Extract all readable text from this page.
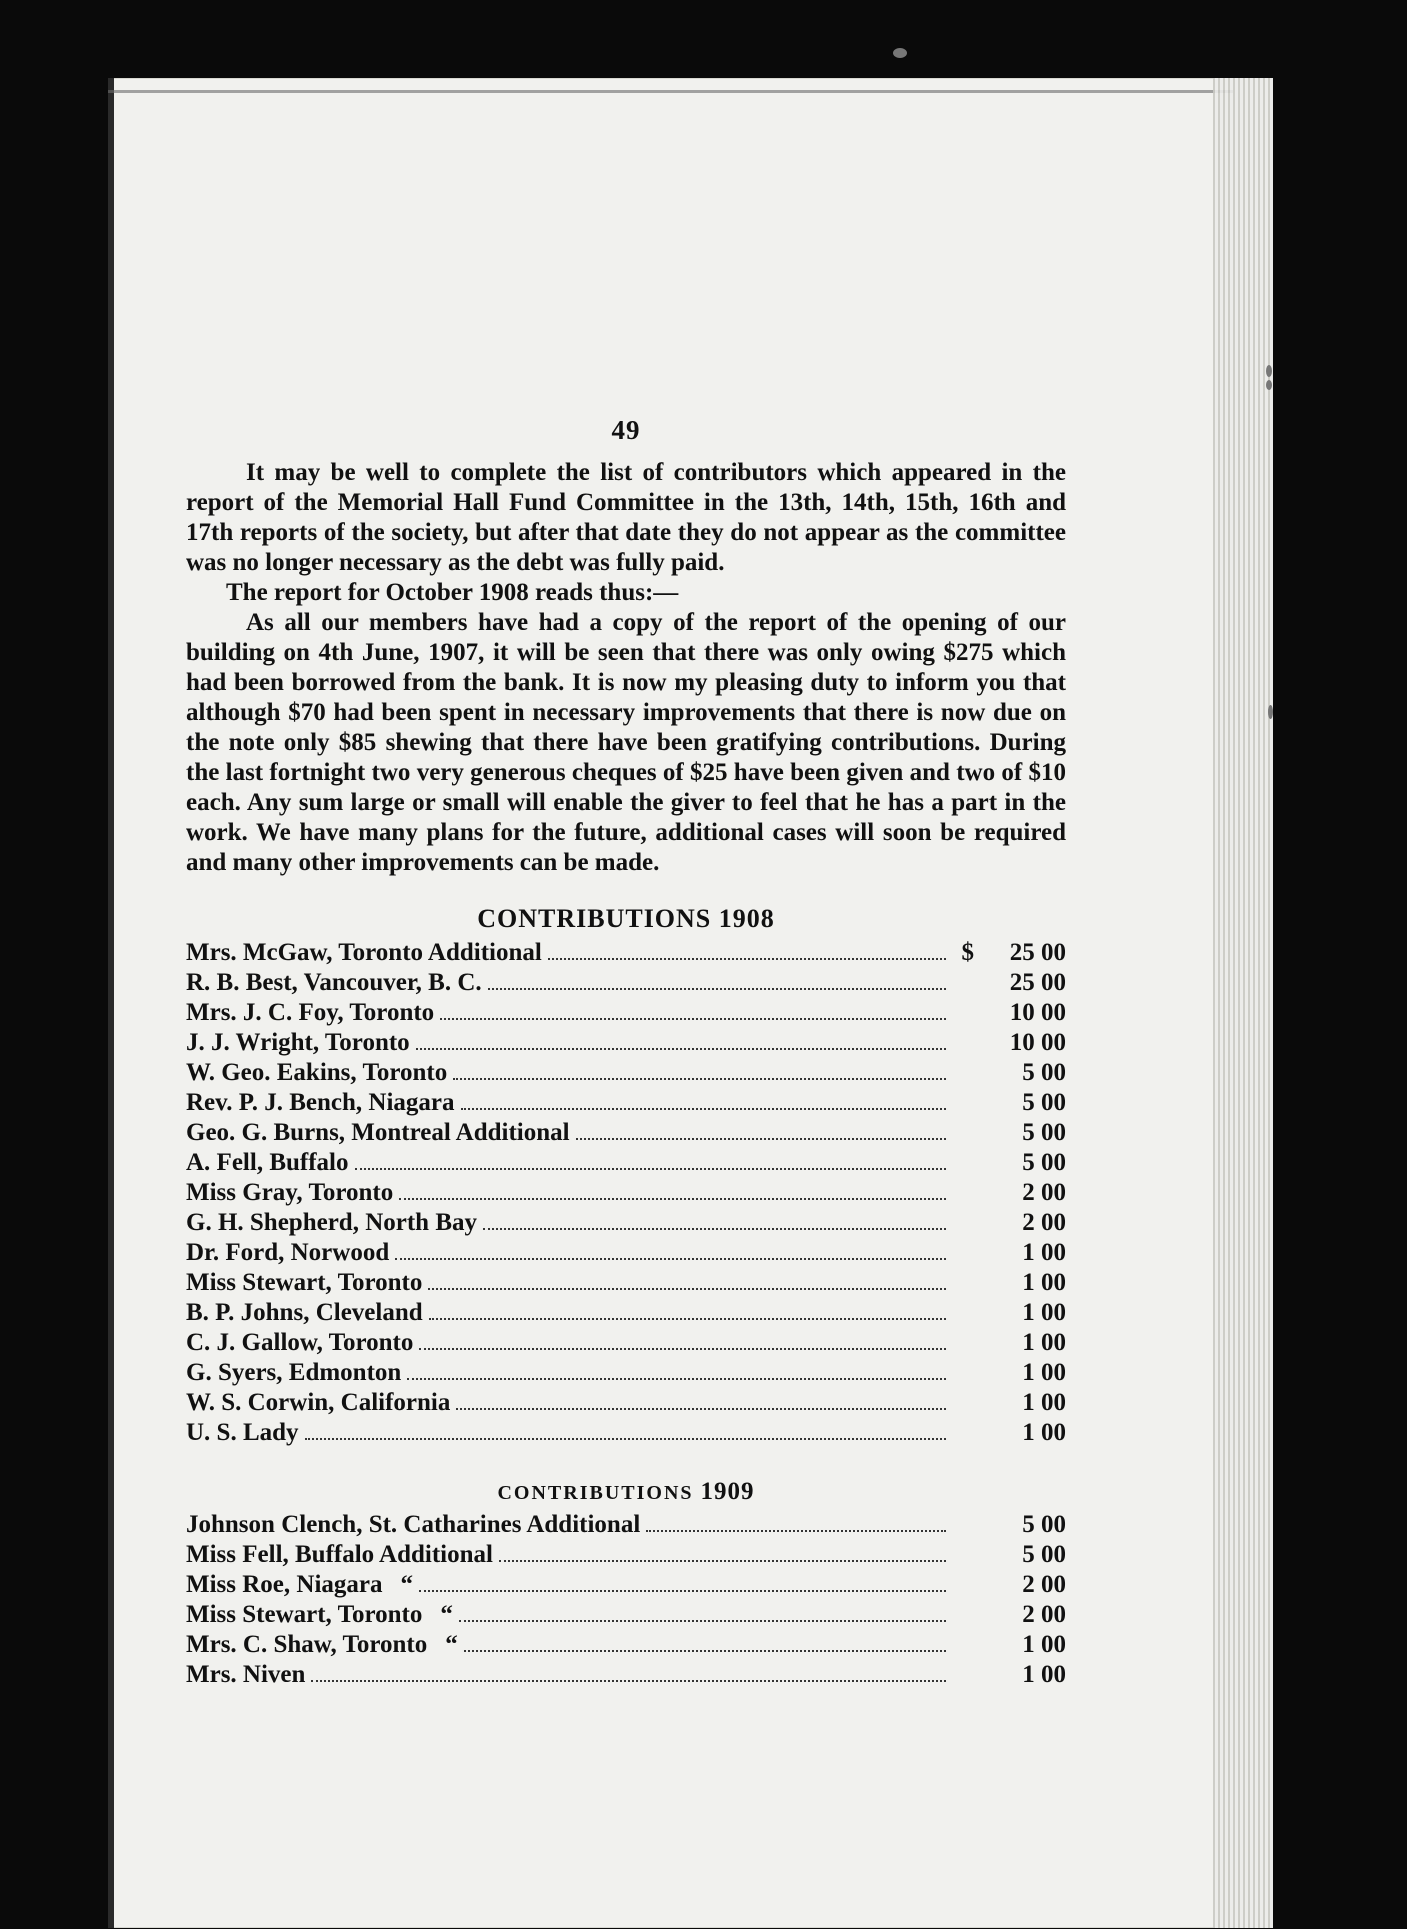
49

It may be well to complete the list of contributors which appeared in the report of the Memorial Hall Fund Committee in the 13th, 14th, 15th, 16th and 17th reports of the society, but after that date they do not appear as the committee was no longer necessary as the debt was fully paid.

The report for October 1908 reads thus:—

As all our members have had a copy of the report of the opening of our building on 4th June, 1907, it will be seen that there was only owing $275 which had been borrowed from the bank. It is now my pleasing duty to inform you that although $70 had been spent in necessary improvements that there is now due on the note only $85 shewing that there have been gratifying contributions. During the last fortnight two very generous cheques of $25 have been given and two of $10 each. Any sum large or small will enable the giver to feel that he has a part in the work. We have many plans for the future, additional cases will soon be required and many other improvements can be made.

CONTRIBUTIONS 1908
Mrs. McGaw, Toronto Additional	$	25 00
R. B. Best, Vancouver, B. C.	25 00
Mrs. J. C. Foy, Toronto	10 00
J. J. Wright, Toronto	10 00
W. Geo. Eakins, Toronto	5 00
Rev. P. J. Bench, Niagara	5 00
Geo. G. Burns, Montreal Additional	5 00
A. Fell, Buffalo	5 00
Miss Gray, Toronto	2 00
G. H. Shepherd, North Bay	2 00
Dr. Ford, Norwood	1 00
Miss Stewart, Toronto	1 00
B. P. Johns, Cleveland	1 00
C. J. Gallow, Toronto	1 00
G. Syers, Edmonton	1 00
W. S. Corwin, California	1 00
U. S. Lady	1 00
CONTRIBUTIONS 1909
Johnson Clench, St. Catharines Additional	5 00
Miss Fell, Buffalo Additional	5 00
Miss Roe, Niagara “	2 00
Miss Stewart, Toronto “	2 00
Mrs. C. Shaw, Toronto “	1 00
Mrs. Niven	1 00
